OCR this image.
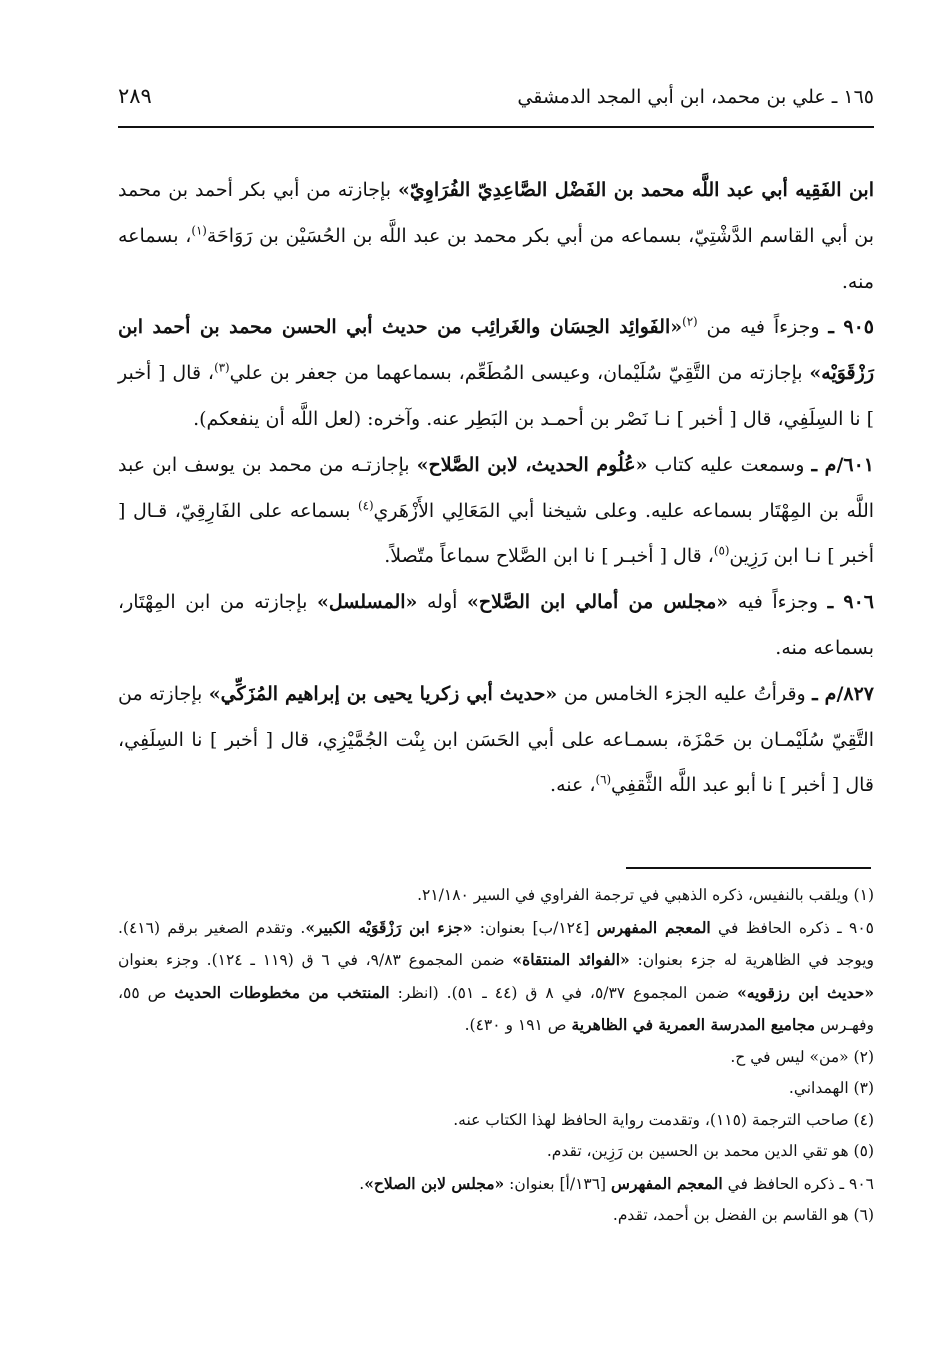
١٦٥ ـ علي بن محمد، ابن أبي المجد الدمشقي
٢٨٩

ابن الفَقِيه أبي عبد اللَّه محمد بن الفَضْل الصَّاعِدِيّ الفُرَاوِيّ» بإجازته من أبي بكر أحمد بن محمد بن أبي القاسم الدَّشْتِيّ، بسماعه من أبي بكر محمد بن عبد اللَّه بن الحُسَيْن بن رَوَاحَة$^{(١)}$، بسماعه منه.

٩٠٥ ـ وجزءاً فيه من $^{(٢)}$«الفَوائِد الحِسَان والغَرائِب من حديث أبي الحسن محمد بن أحمد ابن رَزْقَوَيْه» بإجازته من التَّقِيّ سُلَيْمان، وعيسى المُطَعِّم، بسماعهما من جعفر بن علي$^{(٣)}$، قال [ أخبر ] نا السِلَفِي، قال [ أخبر ] نـا نَصْر بن أحمـد بن البَطِر عنه. وآخره: (لعل اللَّه أن ينفعكم).

٦٠١/م ـ وسمعت عليه كتاب «عُلُوم الحديث، لابن الصَّلاح» بإجازتـه من محمد بن يوسف ابن عبد اللَّه بن المِهْتَار بسماعه عليه. وعلى شيخنا أبي المَعَالِي الأَزْهَري$^{(٤)}$ بسماعه على الفَارِقِيّ، قـال [ أخبر ] نـا ابن رَزِين$^{(٥)}$، قال [ أخبـر ] نا ابن الصَّلاح سماعاً متّصلاً.

٩٠٦ ـ وجزءاً فيه «مجلس من أمالي ابن الصَّلاح» أوله «المسلسل» بإجازته من ابن المِهْتَار، بسماعه منه.

٨٢٧/م ـ وقرأتُ عليه الجزء الخامس من «حديث أبي زكريا يحيى بن إبراهيم المُزَكِّي» بإجازته من التَّقِيّ سُلَيْمـان بن حَمْزَة، بسمـاعه على أبي الحَسَن ابن بِنْت الجُمَّيْزِي، قال [ أخبر ] نا السِلَفِي، قال [ أخبر ] نا أبو عبد اللَّه الثَّقفِي$^{(٦)}$، عنه.

(١) ويلقب بالنفيس، ذكره الذهبي في ترجمة الفراوي في السير ٢١/١٨٠.

٩٠٥ ـ ذكره الحافظ في المعجم المفهرس [١٢٤/ب] بعنوان: «جزء ابن رَزْقَوَيْه الكبير». وتقدم الصغير برقم (٤١٦). ويوجد في الظاهرية له جزء بعنوان: «الفوائد المنتقاة» ضمن المجموع ٩/٨٣، في ٦ ق (١١٩ ـ ١٢٤). وجزء بعنوان «حديث ابن رزقويه» ضمن المجموع ٥/٣٧، في ٨ ق (٤٤ ـ ٥١). (انظر: المنتخب من مخطوطات الحديث ص ٥٥، وفهـرس مجاميع المدرسة العمرية في الظاهرية ص ١٩١ و ٤٣٠).

(٢) «من» ليس في ح.

(٣) الهمداني.

(٤) صاحب الترجمة (١١٥)، وتقدمت رواية الحافظ لهذا الكتاب عنه.

(٥) هو تقي الدين محمد بن الحسين بن رَزِين، تقدم.

٩٠٦ ـ ذكره الحافظ في المعجم المفهرس [١٣٦/أ] بعنوان: «مجلس لابن الصلاح».

(٦) هو القاسم بن الفضل بن أحمد، تقدم.
